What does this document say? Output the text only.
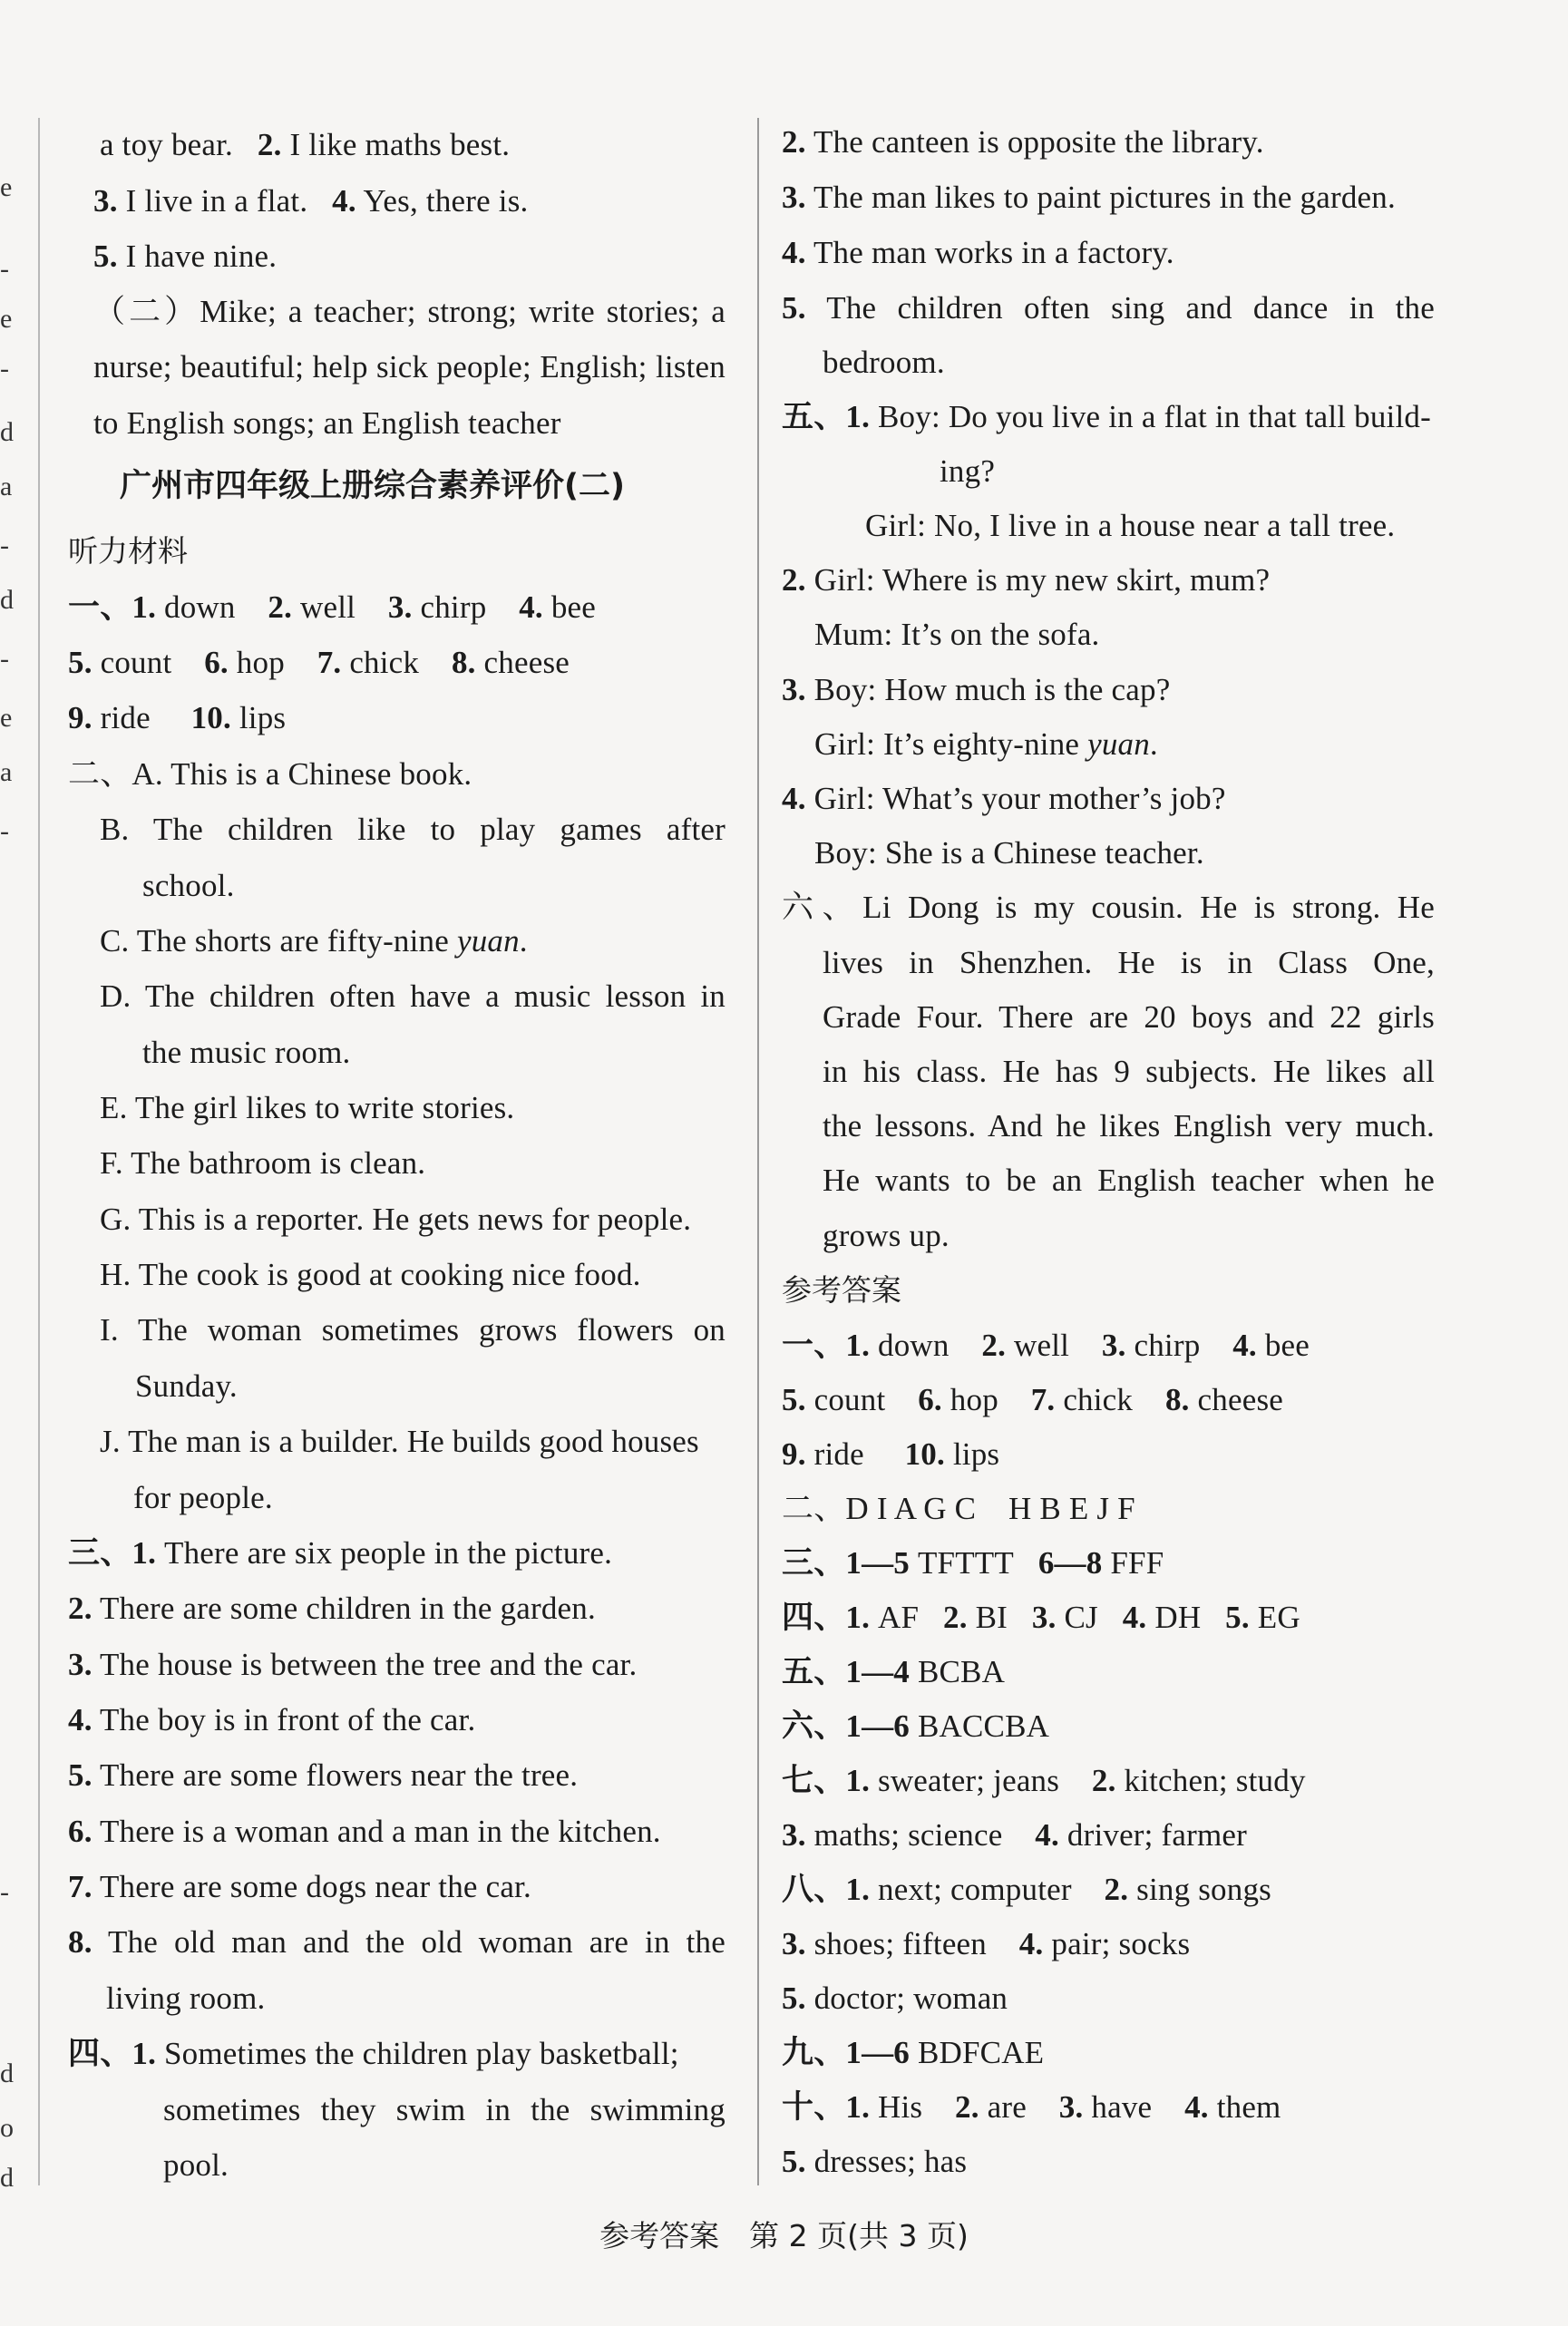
e
-
e
-
d
a
-
d
-
e
a
-
-
d
o
d
a toy bear. 2. I like maths best.
3. I live in a flat. 4. Yes, there is.
5. I have nine.
（二）Mike; a teacher; strong; write stories; a
nurse; beautiful; help sick people; English; listen
to English songs; an English teacher
广州市四年级上册综合素养评价(二)
听力材料
一、1. down 2. well 3. chirp 4. bee
5. count 6. hop 7. chick 8. cheese
9. ride 10. lips
二、A. This is a Chinese book.
B. The children like to play games after
school.
C. The shorts are fifty-nine yuan.
D. The children often have a music lesson in
the music room.
E. The girl likes to write stories.
F. The bathroom is clean.
G. This is a reporter. He gets news for people.
H. The cook is good at cooking nice food.
I. The woman sometimes grows flowers on
Sunday.
J. The man is a builder. He builds good houses
for people.
三、1. There are six people in the picture.
2. There are some children in the garden.
3. The house is between the tree and the car.
4. The boy is in front of the car.
5. There are some flowers near the tree.
6. There is a woman and a man in the kitchen.
7. There are some dogs near the car.
8. The old man and the old woman are in the
living room.
四、1. Sometimes the children play basketball;
sometimes they swim in the swimming
pool.
2. The canteen is opposite the library.
3. The man likes to paint pictures in the garden.
4. The man works in a factory.
5. The children often sing and dance in the
bedroom.
五、1. Boy: Do you live in a flat in that tall build-
ing?
Girl: No, I live in a house near a tall tree.
2. Girl: Where is my new skirt, mum?
Mum: It’s on the sofa.
3. Boy: How much is the cap?
Girl: It’s eighty-nine yuan.
4. Girl: What’s your mother’s job?
Boy: She is a Chinese teacher.
六、Li Dong is my cousin. He is strong. He
lives in Shenzhen. He is in Class One,
Grade Four. There are 20 boys and 22 girls
in his class. He has 9 subjects. He likes all
the lessons. And he likes English very much.
He wants to be an English teacher when he
grows up.
参考答案
一、1. down 2. well 3. chirp 4. bee
5. count 6. hop 7. chick 8. cheese
9. ride 10. lips
二、D I A G C    H B E J F
三、1—5 TFTTT 6—8 FFF
四、1. AF 2. BI 3. CJ 4. DH 5. EG
五、1—4 BCBA
六、1—6 BACCBA
七、1. sweater; jeans 2. kitchen; study
3. maths; science 4. driver; farmer
八、1. next; computer 2. sing songs
3. shoes; fifteen 4. pair; socks
5. doctor; woman
九、1—6 BDFCAE
十、1. His 2. are 3. have 4. them
5. dresses; has
参考答案　第 2 页(共 3 页)
